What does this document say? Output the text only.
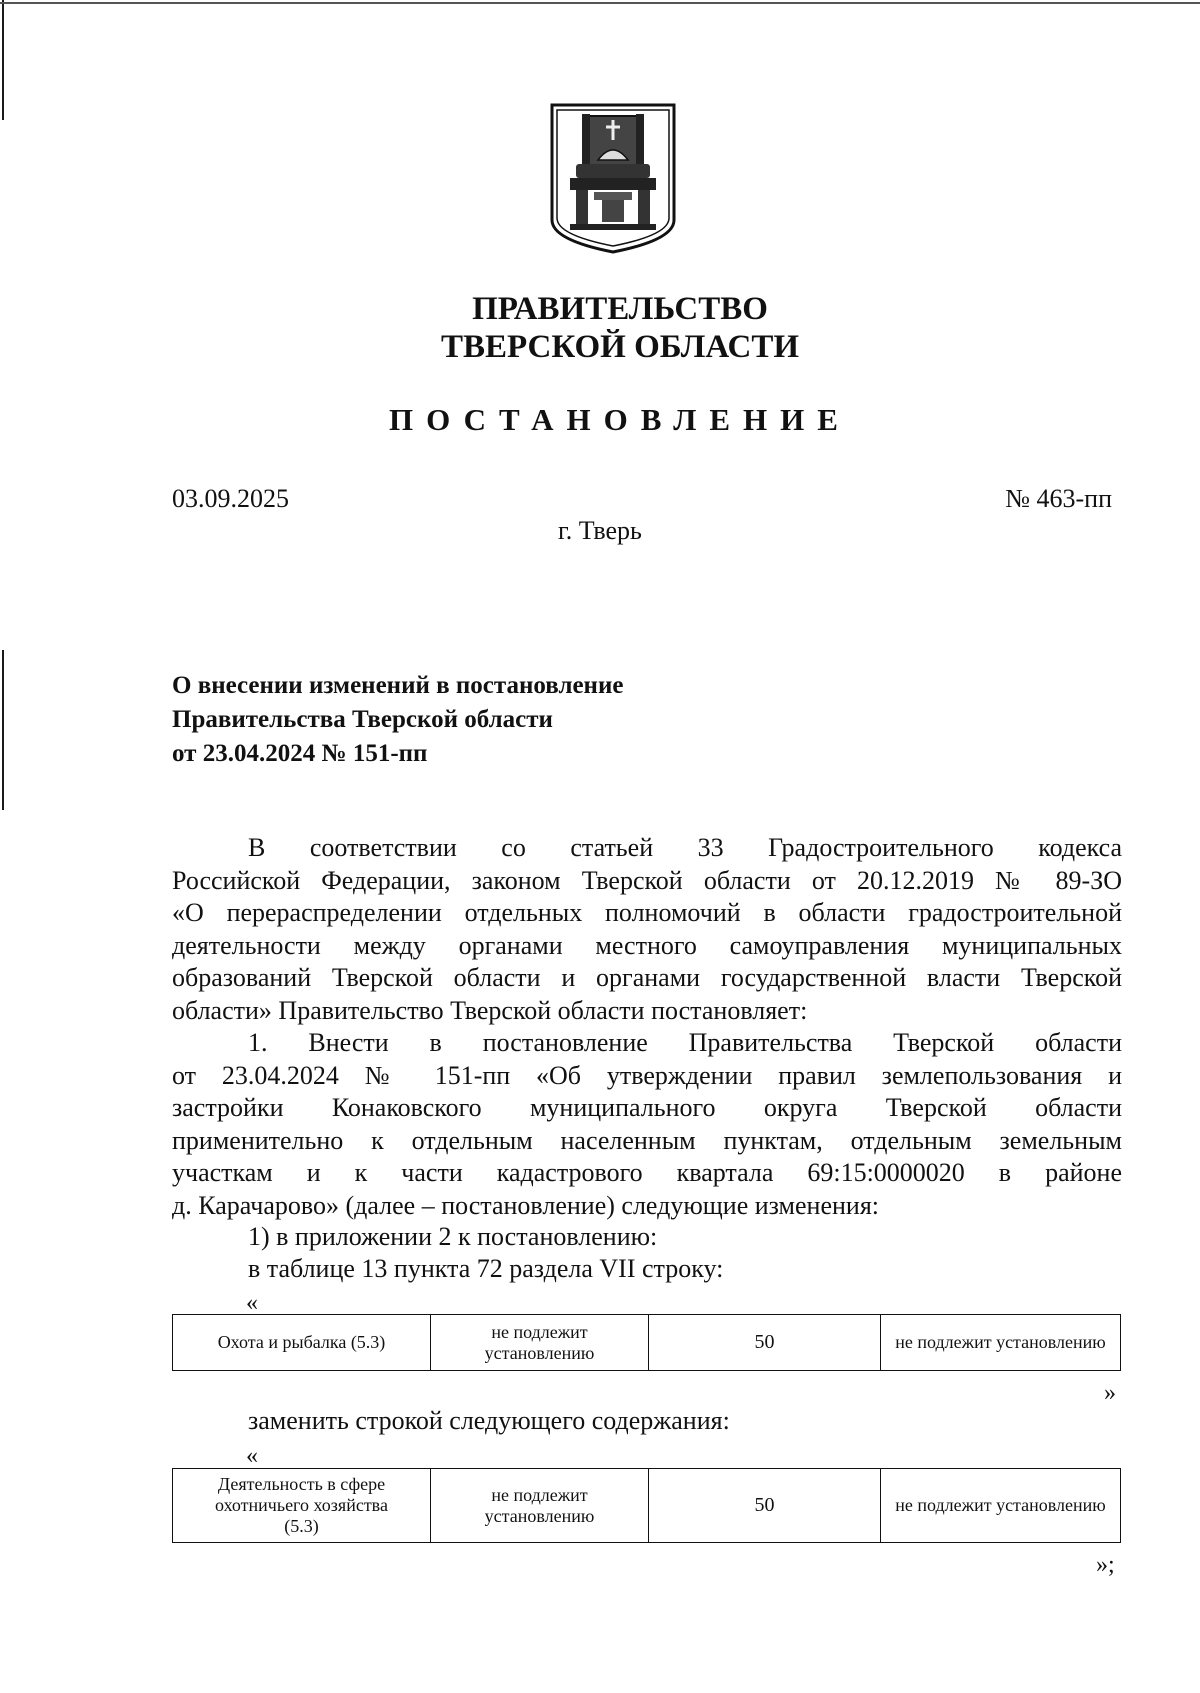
ПРАВИТЕЛЬСТВО
ТВЕРСКОЙ ОБЛАСТИ
ПОСТАНОВЛЕНИЕ
03.09.2025	№ 463-пп
г. Тверь
О внесении изменений в постановление
Правительства Тверской области
от 23.04.2024 № 151-пп
В соответствии со статьей 33 Градостроительного кодекса
Российской Федерации, законом Тверской области от 20.12.2019 № 89-ЗО
«О перераспределении отдельных полномочий в области градостроительной
деятельности между органами местного самоуправления муниципальных
образований Тверской области и органами государственной власти Тверской
области» Правительство Тверской области постановляет:
1. Внести в постановление Правительства Тверской области
от 23.04.2024 № 151-пп «Об утверждении правил землепользования и
застройки Конаковского муниципального округа Тверской области
применительно к отдельным населенным пунктам, отдельным земельным
участкам и к части кадастрового квартала 69:15:0000020 в районе
д. Карачарово» (далее – постановление) следующие изменения:
1) в приложении 2 к постановлению:
в таблице 13 пункта 72 раздела VII строку:
«
Охота и рыбалка (5.3)	не подлежит установлению	50	не подлежит установлению
»
заменить строкой следующего содержания:
«
Деятельность в сфере охотничьего хозяйства (5.3)	не подлежит установлению	50	не подлежит установлению
»;
